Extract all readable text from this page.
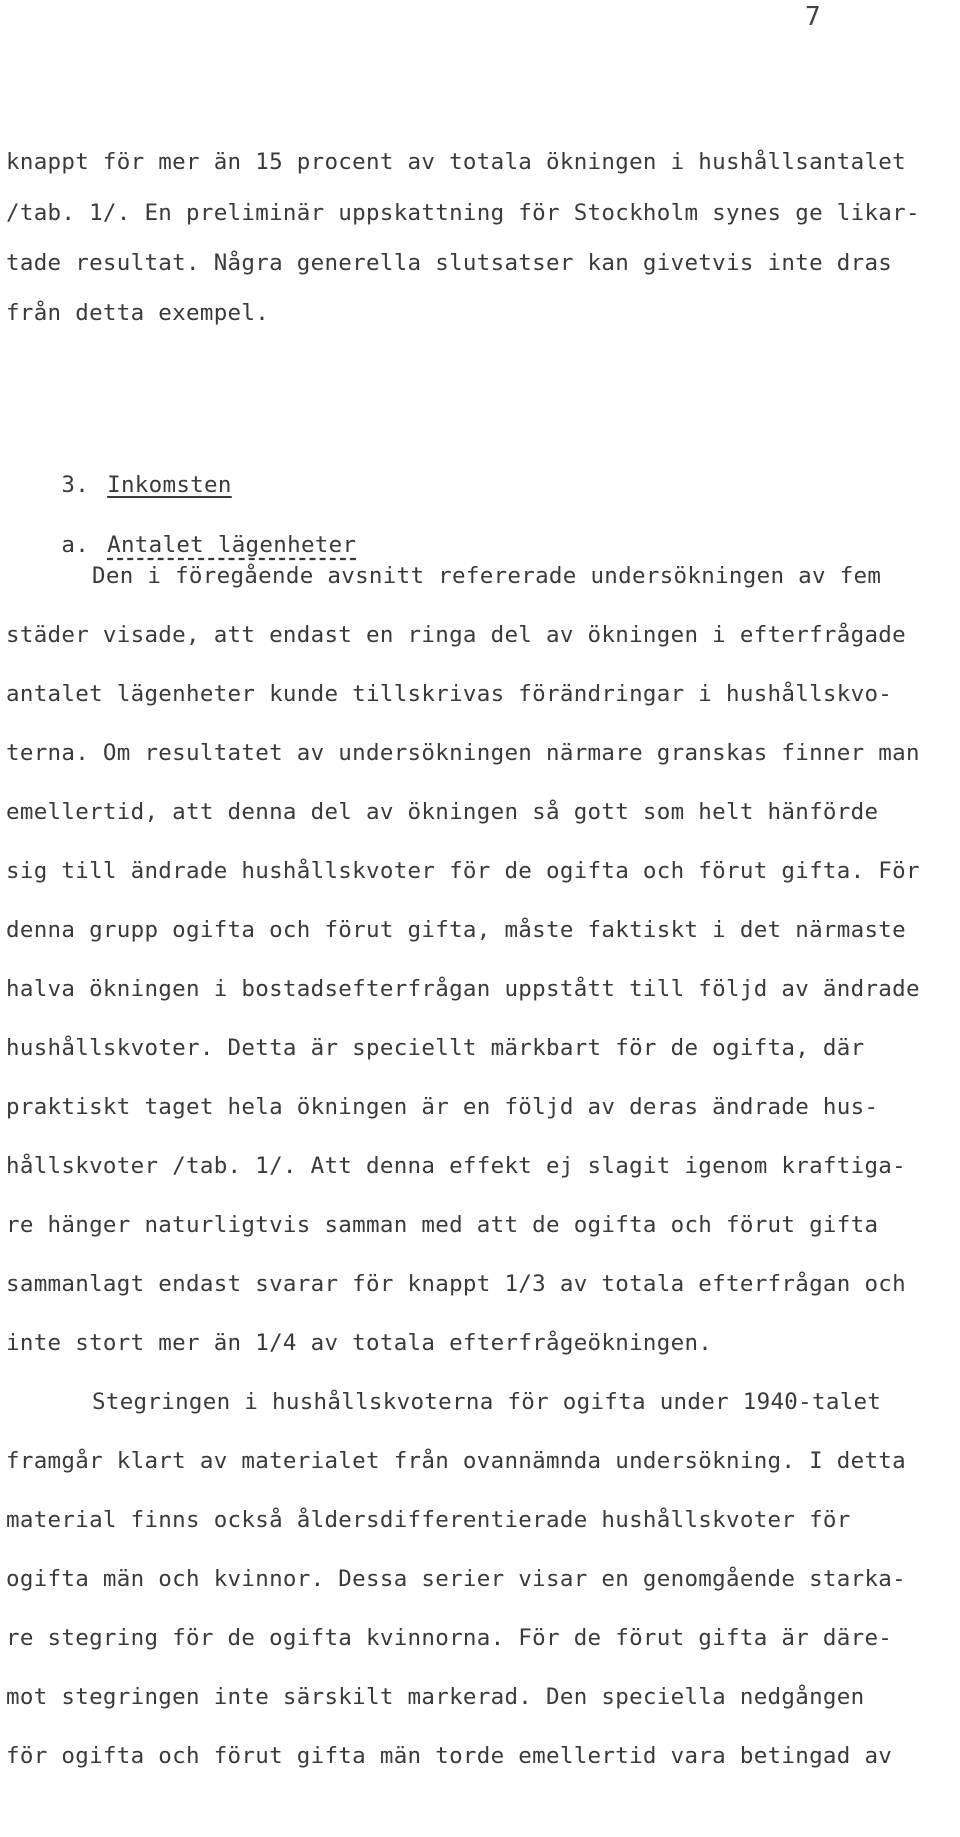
7
knappt för mer än 15 procent av totala ökningen i hushållsantalet
/tab. 1/. En preliminär uppskattning för Stockholm synes ge likar-
tade resultat. Några generella slutsatser kan givetvis inte dras
från detta exempel.

3. Inkomsten

a. Antalet lägenheter

Den i föregående avsnitt refererade undersökningen av fem
städer visade, att endast en ringa del av ökningen i efterfrågade
antalet lägenheter kunde tillskrivas förändringar i hushållskvo-
terna. Om resultatet av undersökningen närmare granskas finner man
emellertid, att denna del av ökningen så gott som helt hänförde
sig till ändrade hushållskvoter för de ogifta och förut gifta. För
denna grupp ogifta och förut gifta, måste faktiskt i det närmaste
halva ökningen i bostadsefterfrågan uppstått till följd av ändrade
hushållskvoter. Detta är speciellt märkbart för de ogifta, där
praktiskt taget hela ökningen är en följd av deras ändrade hus-
hållskvoter /tab. 1/. Att denna effekt ej slagit igenom kraftiga-
re hänger naturligtvis samman med att de ogifta och förut gifta
sammanlagt endast svarar för knappt 1/3 av totala efterfrågan och
inte stort mer än 1/4 av totala efterfrågeökningen.
Stegringen i hushållskvoterna för ogifta under 1940-talet
framgår klart av materialet från ovannämnda undersökning. I detta
material finns också åldersdifferentierade hushållskvoter för
ogifta män och kvinnor. Dessa serier visar en genomgående starka-
re stegring för de ogifta kvinnorna. För de förut gifta är däre-
mot stegringen inte särskilt markerad. Den speciella nedgången
för ogifta och förut gifta män torde emellertid vara betingad av
